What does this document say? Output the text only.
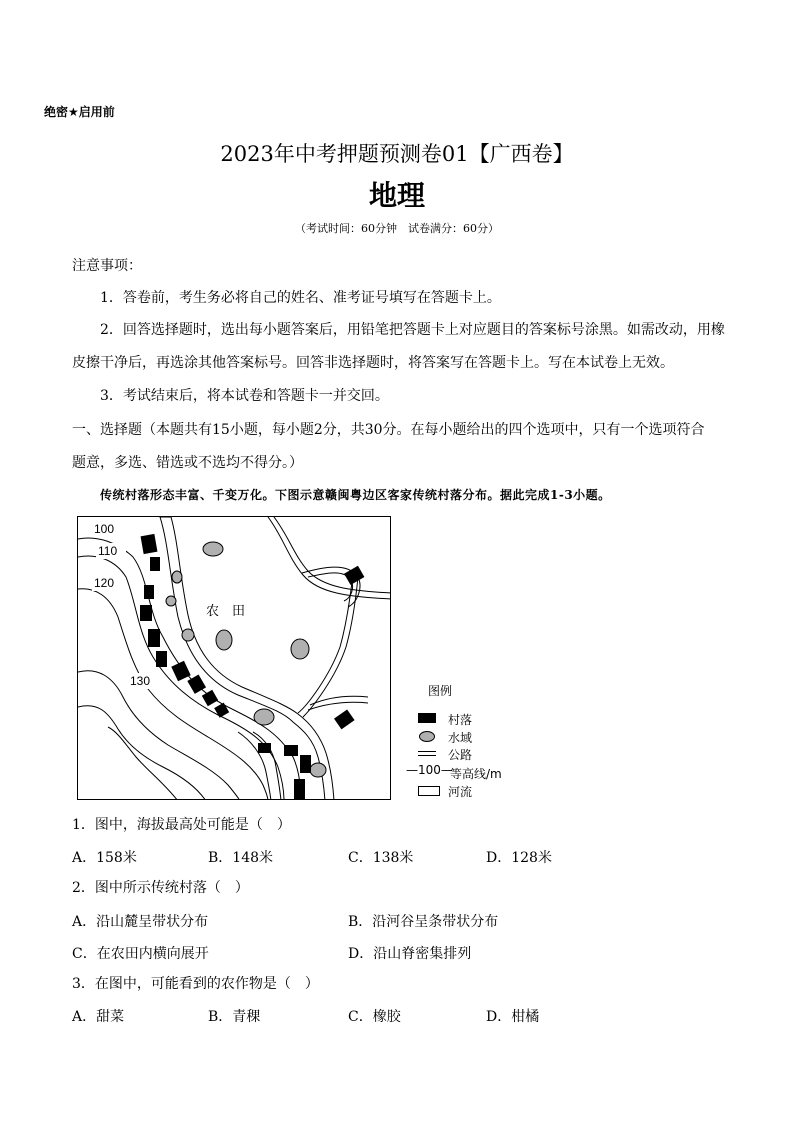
绝密★启用前
2023年中考押题预测卷01【广西卷】
地理
（考试时间：60分钟　试卷满分：60分）
注意事项：
1．答卷前，考生务必将自己的姓名、准考证号填写在答题卡上。
2．回答选择题时，选出每小题答案后，用铅笔把答题卡上对应题目的答案标号涂黑。如需改动，用橡
皮擦干净后，再选涂其他答案标号。回答非选择题时，将答案写在答题卡上。写在本试卷上无效。
3．考试结束后，将本试卷和答题卡一并交回。
一、选择题（本题共有15小题，每小题2分，共30分。在每小题给出的四个选项中，只有一个选项符合
题意，多选、错选或不选均不得分。）
传统村落形态丰富、千变万化。下图示意赣闽粤边区客家传统村落分布。据此完成1-3小题。
100
110
120
130
农　田
图例
村落
水域
公路
—100—
等高线/m
河流
1．图中，海拔最高处可能是（　）
A．158米	B．148米	C．138米	D．128米
2．图中所示传统村落（　）
A．沿山麓呈带状分布	B．沿河谷呈条带状分布
C．在农田内横向展开	D．沿山脊密集排列
3．在图中，可能看到的农作物是（　）
A．甜菜	B．青稞	C．橡胶	D．柑橘
